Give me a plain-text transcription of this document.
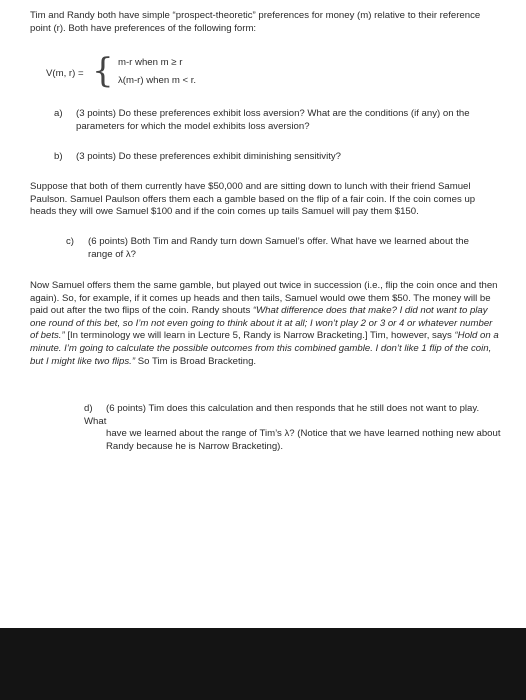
Tim and Randy both have simple “prospect-theoretic” preferences for money (m) relative to their reference point (r). Both have preferences of the following form:
V(m, r) = { m-r when m ≥ r
λ(m-r) when m < r.
a) (3 points) Do these preferences exhibit loss aversion? What are the conditions (if any) on the
parameters for which the model exhibits loss aversion?
b) (3 points) Do these preferences exhibit diminishing sensitivity?
Suppose that both of them currently have $50,000 and are sitting down to lunch with their friend Samuel Paulson. Samuel Paulson offers them each a gamble based on the flip of a fair coin. If the coin comes up heads they will owe Samuel $100 and if the coin comes up tails Samuel will pay them $150.
c) (6 points) Both Tim and Randy turn down Samuel’s offer. What have we learned about the
range of λ?
Now Samuel offers them the same gamble, but played out twice in succession (i.e., flip the coin once and then again). So, for example, if it comes up heads and then tails, Samuel would owe them $50. The money will be paid out after the two flips of the coin. Randy shouts “What difference does that make? I did not want to play one round of this bet, so I’m not even going to think about it at all; I won’t play 2 or 3 or 4 or whatever number of bets.” [In terminology we will learn in Lecture 5, Randy is Narrow Bracketing.] Tim, however, says “Hold on a minute. I’m going to calculate the possible outcomes from this combined gamble. I don’t like 1 flip of the coin, but I might like two flips.” So Tim is Broad Bracketing.
d) (6 points) Tim does this calculation and then responds that he still does not want to play. What
have we learned about the range of Tim’s λ? (Notice that we have learned nothing new about
Randy because he is Narrow Bracketing).
